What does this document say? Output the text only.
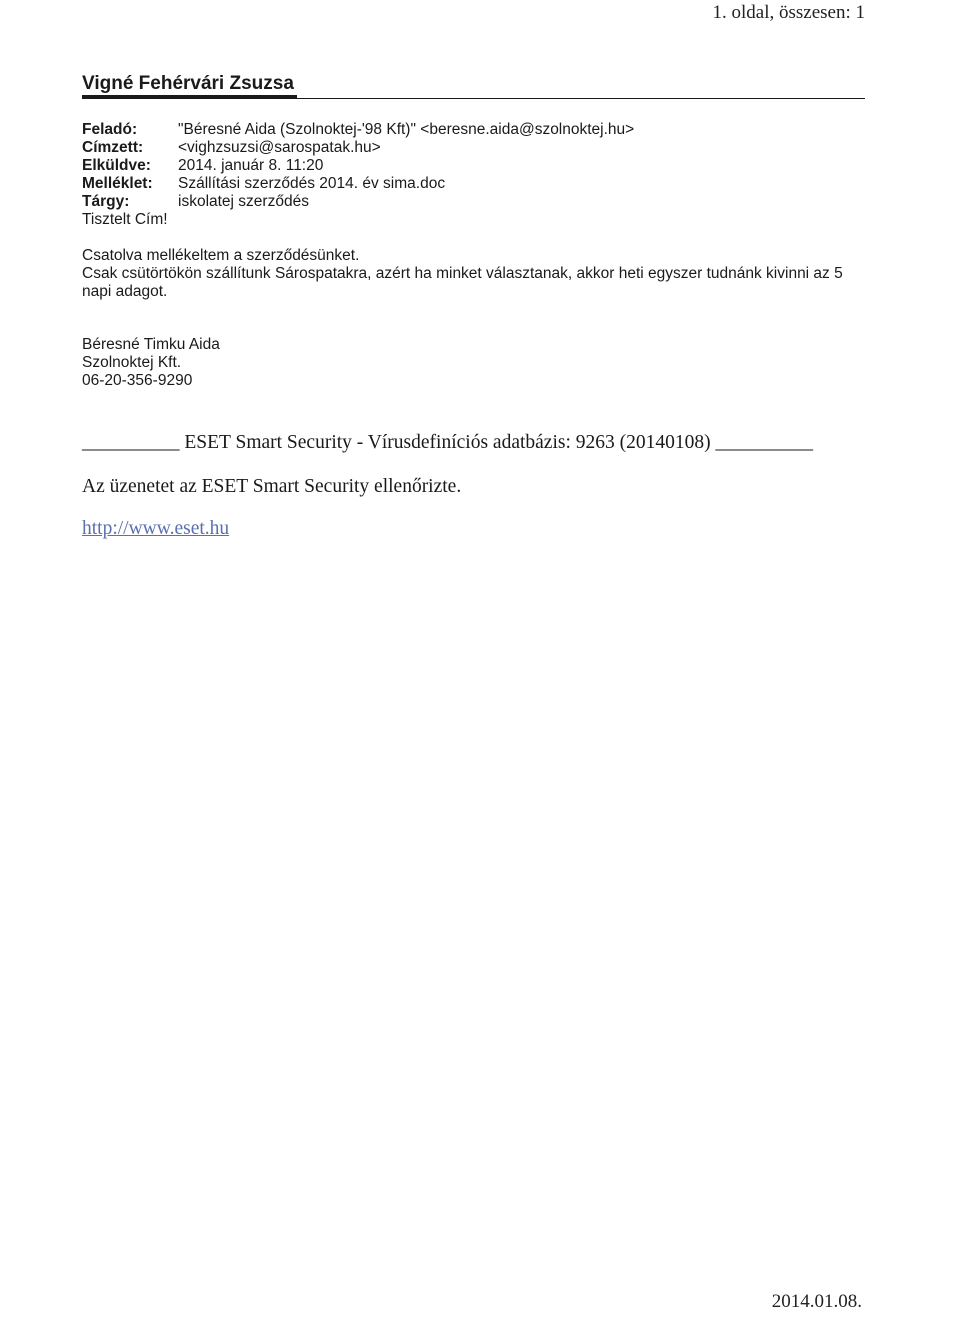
1. oldal, összesen: 1
Vigné Fehérvári Zsuzsa
Feladó:	"Béresné Aida (Szolnoktej-'98 Kft)" <beresne.aida@szolnoktej.hu>
Címzett:	<vighzsuzsi@sarospatak.hu>
Elküldve:	2014. január 8. 11:20
Melléklet:	Szállítási szerződés 2014. év sima.doc
Tárgy:	iskolatej szerződés
Tisztelt Cím!

Csatolva mellékeltem a szerződésünket.

Csak csütörtökön szállítunk Sárospatakra, azért ha minket választanak, akkor heti egyszer tudnánk kivinni az 5 napi adagot.

Béresné Timku Aida
Szolnoktej Kft.
06-20-356-9290
__________ ESET Smart Security - Vírusdefiníciós adatbázis: 9263 (20140108) __________
Az üzenetet az ESET Smart Security ellenőrizte.
http://www.eset.hu
2014.01.08.
